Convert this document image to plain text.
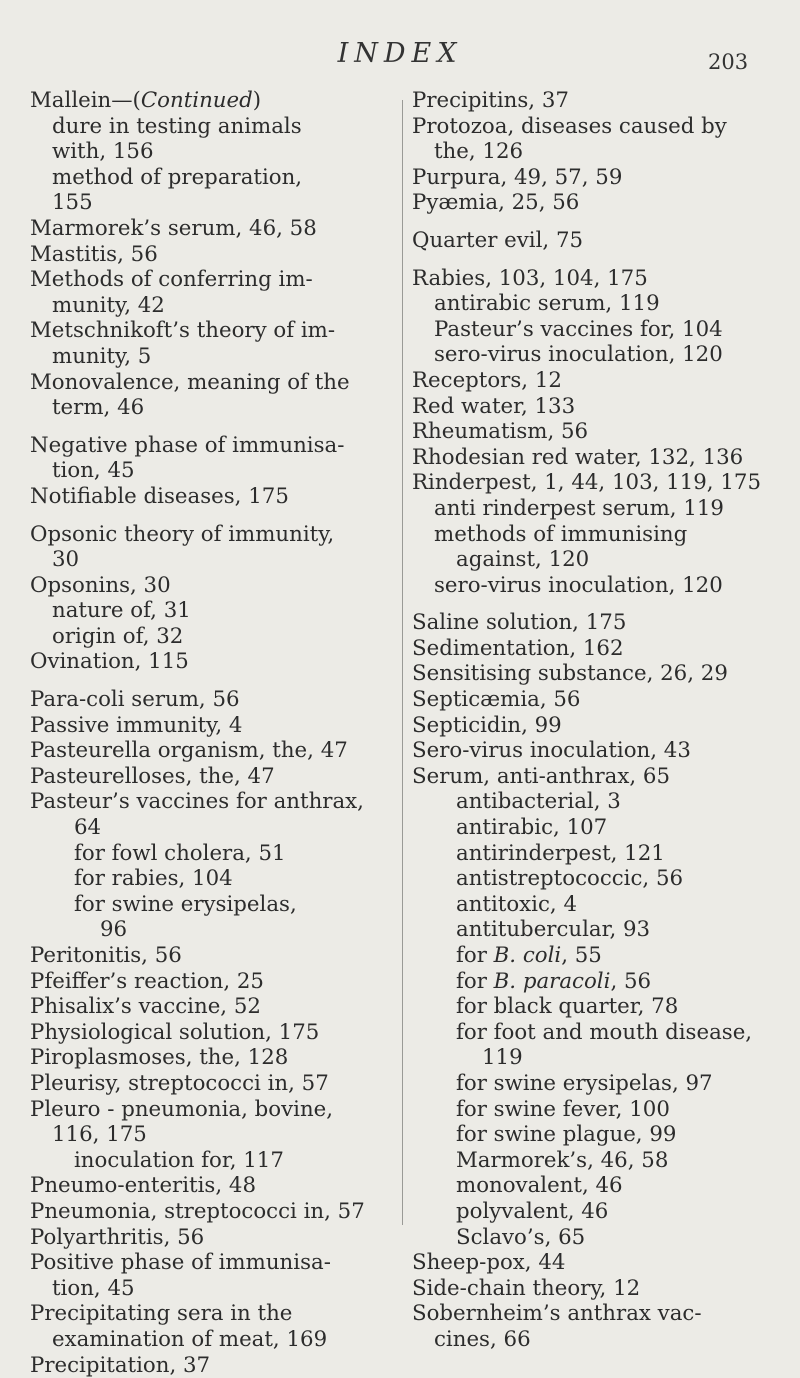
INDEX	203
Mallein—(Continued)
dure in testing animals
with, 156
method of preparation,
155
Marmorek’s serum, 46, 58
Mastitis, 56
Methods of conferring im-
munity, 42
Metschnikoft’s theory of im-
munity, 5
Monovalence, meaning of the
term, 46
Negative phase of immunisa-
tion, 45
Notifiable diseases, 175
Opsonic theory of immunity,
30
Opsonins, 30
nature of, 31
origin of, 32
Ovination, 115
Para-coli serum, 56
Passive immunity, 4
Pasteurella organism, the, 47
Pasteurelloses, the, 47
Pasteur’s vaccines for anthrax,
64
for fowl cholera, 51
for rabies, 104
for swine erysipelas,
96
Peritonitis, 56
Pfeiffer’s reaction, 25
Phisalix’s vaccine, 52
Physiological solution, 175
Piroplasmoses, the, 128
Pleurisy, streptococci in, 57
Pleuro - pneumonia, bovine,
116, 175
inoculation for, 117
Pneumo-enteritis, 48
Pneumonia, streptococci in, 57
Polyarthritis, 56
Positive phase of immunisa-
tion, 45
Precipitating sera in the
examination of meat, 169
Precipitation, 37
Precipitins, 37
Protozoa, diseases caused by
the, 126
Purpura, 49, 57, 59
Pyæmia, 25, 56
Quarter evil, 75
Rabies, 103, 104, 175
antirabic serum, 119
Pasteur’s vaccines for, 104
sero-virus inoculation, 120
Receptors, 12
Red water, 133
Rheumatism, 56
Rhodesian red water, 132, 136
Rinderpest, 1, 44, 103, 119, 175
anti rinderpest serum, 119
methods of immunising
against, 120
sero-virus inoculation, 120
Saline solution, 175
Sedimentation, 162
Sensitising substance, 26, 29
Septicæmia, 56
Septicidin, 99
Sero-virus inoculation, 43
Serum, anti-anthrax, 65
antibacterial, 3
antirabic, 107
antirinderpest, 121
antistreptococcic, 56
antitoxic, 4
antitubercular, 93
for B. coli, 55
for B. paracoli, 56
for black quarter, 78
for foot and mouth disease,
119
for swine erysipelas, 97
for swine fever, 100
for swine plague, 99
Marmorek’s, 46, 58
monovalent, 46
polyvalent, 46
Sclavo’s, 65
Sheep-pox, 44
Side-chain theory, 12
Sobernheim’s anthrax vac-
cines, 66
